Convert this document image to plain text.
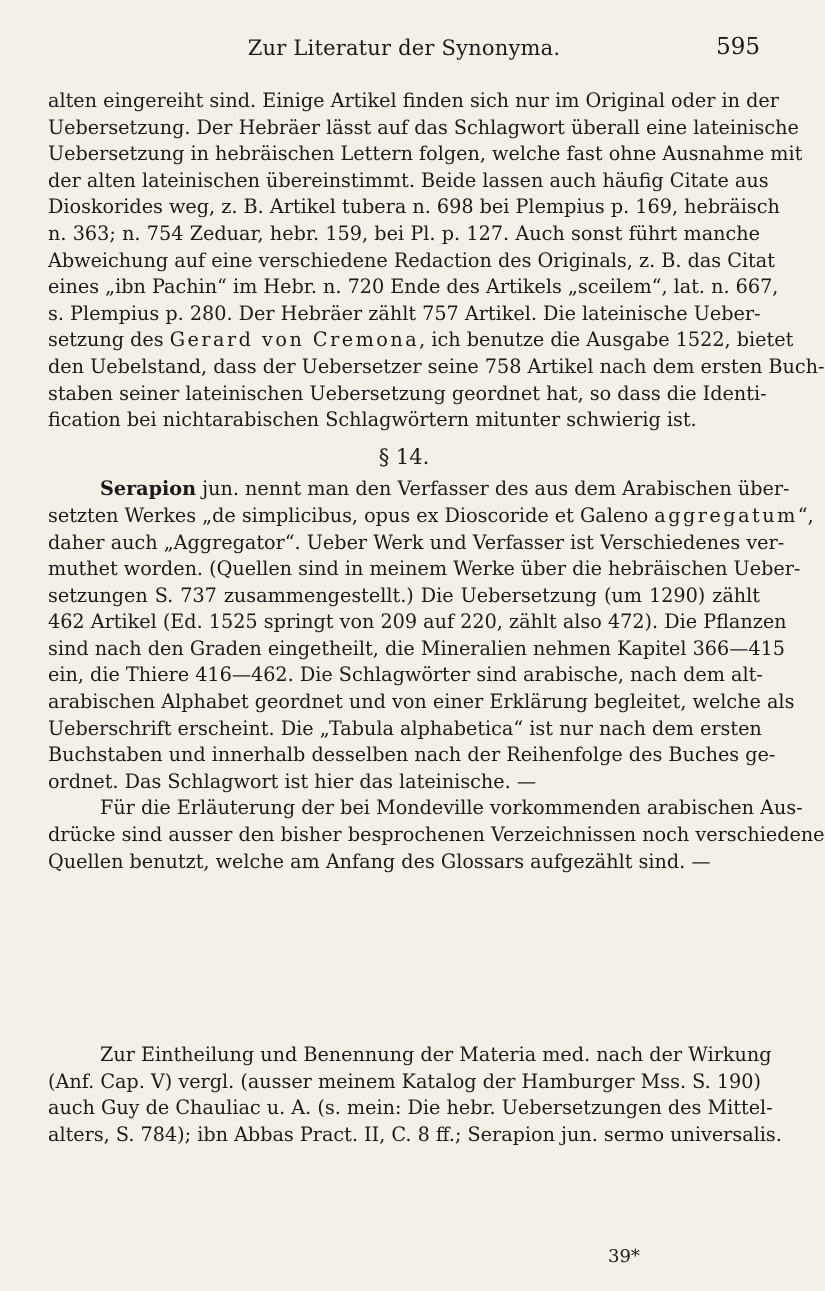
Zur Literatur der Synonyma.	595
alten eingereiht sind. Einige Artikel finden sich nur im Original oder in der
Uebersetzung. Der Hebräer lässt auf das Schlagwort überall eine lateinische
Uebersetzung in hebräischen Lettern folgen, welche fast ohne Ausnahme mit
der alten lateinischen übereinstimmt. Beide lassen auch häufig Citate aus
Dioskorides weg, z. B. Artikel tubera n. 698 bei Plempius p. 169, hebräisch
n. 363; n. 754 Zeduar, hebr. 159, bei Pl. p. 127. Auch sonst führt manche
Abweichung auf eine verschiedene Redaction des Originals, z. B. das Citat
eines „ibn Pachin“ im Hebr. n. 720 Ende des Artikels „sceilem“, lat. n. 667,
s. Plempius p. 280. Der Hebräer zählt 757 Artikel. Die lateinische Ueber-
setzung des Gerard von Cremona, ich benutze die Ausgabe 1522, bietet
den Uebelstand, dass der Uebersetzer seine 758 Artikel nach dem ersten Buch-
staben seiner lateinischen Uebersetzung geordnet hat, so dass die Identi-
fication bei nichtarabischen Schlagwörtern mitunter schwierig ist.
§ 14.
Serapion jun. nennt man den Verfasser des aus dem Arabischen über-
setzten Werkes „de simplicibus, opus ex Dioscoride et Galeno aggregatum“,
daher auch „Aggregator“. Ueber Werk und Verfasser ist Verschiedenes ver-
muthet worden. (Quellen sind in meinem Werke über die hebräischen Ueber-
setzungen S. 737 zusammengestellt.) Die Uebersetzung (um 1290) zählt
462 Artikel (Ed. 1525 springt von 209 auf 220, zählt also 472). Die Pflanzen
sind nach den Graden eingetheilt, die Mineralien nehmen Kapitel 366—415
ein, die Thiere 416—462. Die Schlagwörter sind arabische, nach dem alt-
arabischen Alphabet geordnet und von einer Erklärung begleitet, welche als
Ueberschrift erscheint. Die „Tabula alphabetica“ ist nur nach dem ersten
Buchstaben und innerhalb desselben nach der Reihenfolge des Buches ge-
ordnet. Das Schlagwort ist hier das lateinische. —
Für die Erläuterung der bei Mondeville vorkommenden arabischen Aus-
drücke sind ausser den bisher besprochenen Verzeichnissen noch verschiedene
Quellen benutzt, welche am Anfang des Glossars aufgezählt sind. —
Zur Eintheilung und Benennung der Materia med. nach der Wirkung
(Anf. Cap. V) vergl. (ausser meinem Katalog der Hamburger Mss. S. 190)
auch Guy de Chauliac u. A. (s. mein: Die hebr. Uebersetzungen des Mittel-
alters, S. 784); ibn Abbas Pract. II, C. 8 ff.; Serapion jun. sermo universalis.
39*
